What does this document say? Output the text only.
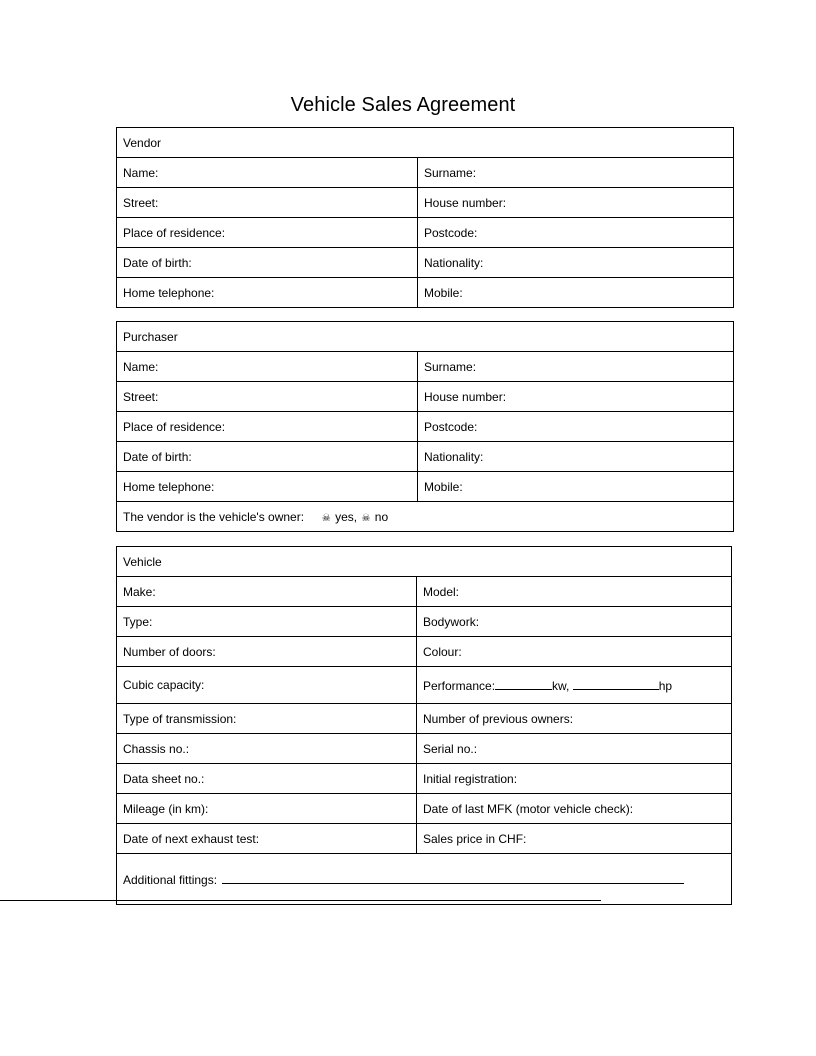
Vehicle Sales Agreement
Vendor	
Name:	Surname:
Street:	House number:
Place of residence:	Postcode:
Date of birth:	Nationality:
Home telephone:	Mobile:
Purchaser	
Name:	Surname:
Street:	House number:
Place of residence:	Postcode:
Date of birth:	Nationality:
Home telephone:	Mobile:
The vendor is the vehicle's owner: ☠ yes, ☠ no	
Vehicle	
Make:	Model:
Type:	Bodywork:
Number of doors:	Colour:
Cubic capacity:	Performance: kw, hp
Type of transmission:	Number of previous owners:
Chassis no.:	Serial no.:
Data sheet no.:	Initial registration:
Mileage (in km):	Date of last MFK (motor vehicle check):
Date of next exhaust test:	Sales price in CHF:
Additional fittings:	
